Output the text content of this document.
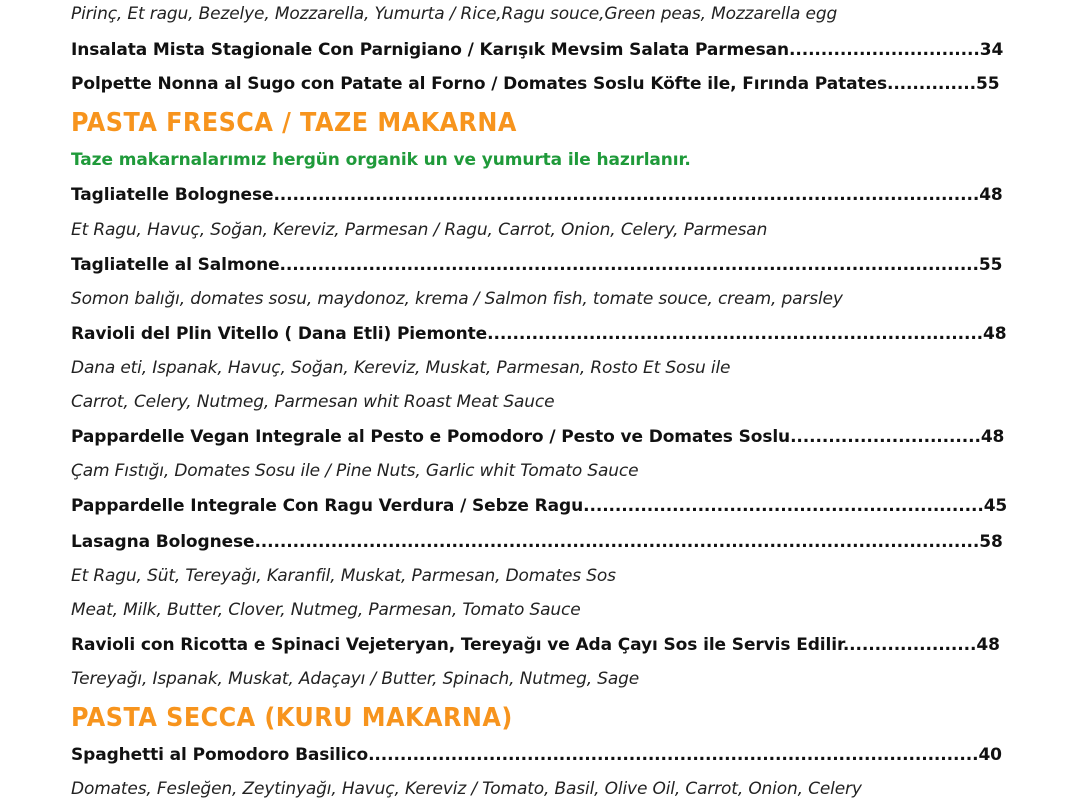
Pirinç, Et ragu, Bezelye, Mozzarella, Yumurta / Rice,Ragu souce,Green peas, Mozzarella egg
Insalata Mista Stagionale Con Parnigiano / Karışık Mevsim Salata Parmesan..............................34
Polpette Nonna al Sugo con Patate al Forno / Domates Soslu Köfte ile, Fırında Patates..............55
PASTA FRESCA / TAZE MAKARNA
Taze makarnalarımız hergün organik un ve yumurta ile hazırlanır.
Tagliatelle Bolognese...............................................................................................................48
Et Ragu, Havuç, Soğan, Kereviz, Parmesan / Ragu, Carrot, Onion, Celery, Parmesan
Tagliatelle al Salmone..............................................................................................................55
Somon balığı, domates sosu, maydonoz, krema / Salmon fish, tomate souce, cream, parsley
Ravioli del Plin Vitello ( Dana Etli) Piemonte..............................................................................48
Dana eti, Ispanak, Havuç, Soğan, Kereviz, Muskat, Parmesan, Rosto Et Sosu ile
Carrot, Celery, Nutmeg, Parmesan whit Roast Meat Sauce
Pappardelle Vegan Integrale al Pesto e Pomodoro / Pesto ve Domates Soslu..............................48
Çam Fıstığı, Domates Sosu ile / Pine Nuts, Garlic whit Tomato Sauce
Pappardelle Integrale Con Ragu Verdura / Sebze Ragu...............................................................45
Lasagna Bolognese..................................................................................................................58
Et Ragu, Süt, Tereyağı, Karanfil, Muskat, Parmesan, Domates Sos
Meat, Milk, Butter, Clover, Nutmeg, Parmesan, Tomato Sauce
Ravioli con Ricotta e Spinaci Vejeteryan, Tereyağı ve Ada Çayı Sos ile Servis Edilir.....................48
Tereyağı, Ispanak, Muskat, Adaçayı / Butter, Spinach, Nutmeg, Sage
PASTA SECCA (KURU MAKARNA)
Spaghetti al Pomodoro Basilico................................................................................................40
Domates, Fesleğen, Zeytinyağı, Havuç, Kereviz / Tomato, Basil, Olive Oil, Carrot, Onion, Celery
